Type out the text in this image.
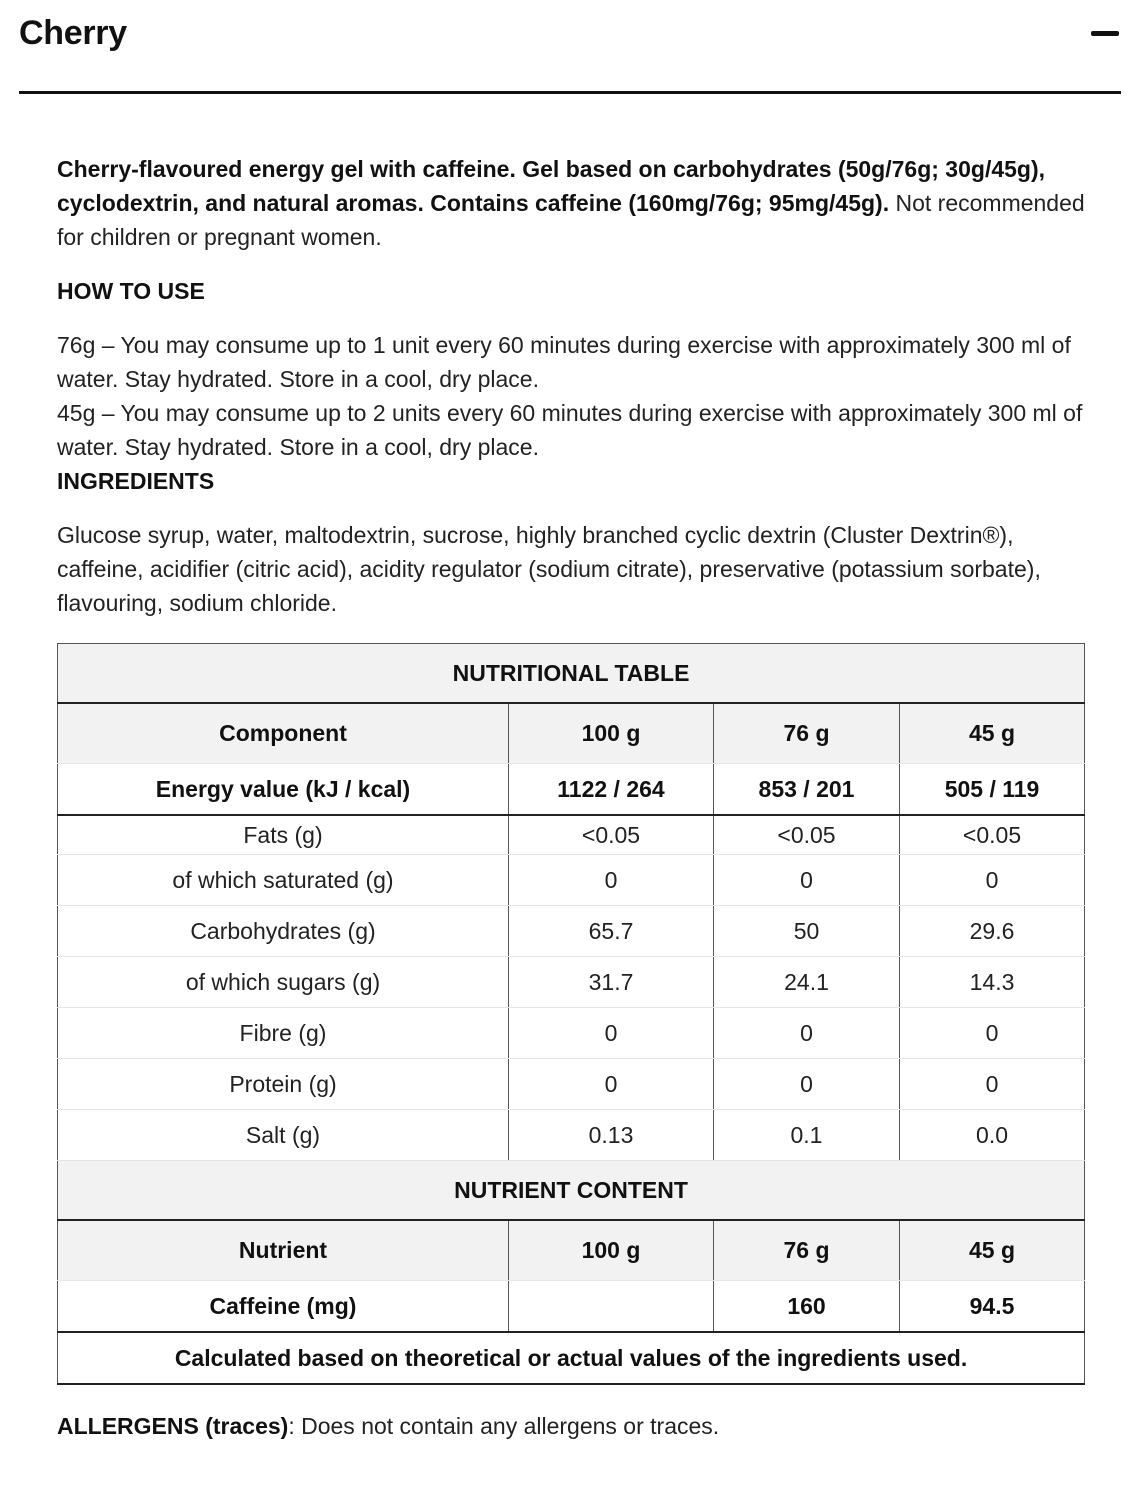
Cherry

Cherry-flavoured energy gel with caffeine. Gel based on carbohydrates (50g/76g; 30g/45g), cyclodextrin, and natural aromas. Contains caffeine (160mg/76g; 95mg/45g). Not recommended for children or pregnant women.

HOW TO USE

76g – You may consume up to 1 unit every 60 minutes during exercise with approximately 300 ml of water. Stay hydrated. Store in a cool, dry place.

45g – You may consume up to 2 units every 60 minutes during exercise with approximately 300 ml of water. Stay hydrated. Store in a cool, dry place.

INGREDIENTS

Glucose syrup, water, maltodextrin, sucrose, highly branched cyclic dextrin (Cluster Dextrin®), caffeine, acidifier (citric acid), acidity regulator (sodium citrate), preservative (potassium sorbate), flavouring, sodium chloride.

NUTRITIONAL TABLE			
Component	100 g	76 g	45 g
Energy value (kJ / kcal)	1122 / 264	853 / 201	505 / 119
Fats (g)	<0.05	<0.05	<0.05
of which saturated (g)	0	0	0
Carbohydrates (g)	65.7	50	29.6
of which sugars (g)	31.7	24.1	14.3
Fibre (g)	0	0	0
Protein (g)	0	0	0
Salt (g)	0.13	0.1	0.0
NUTRIENT CONTENT			
Nutrient	100 g	76 g	45 g
Caffeine (mg)		160	94.5
Calculated based on theoretical or actual values of the ingredients used.			
ALLERGENS (traces): Does not contain any allergens or traces.
